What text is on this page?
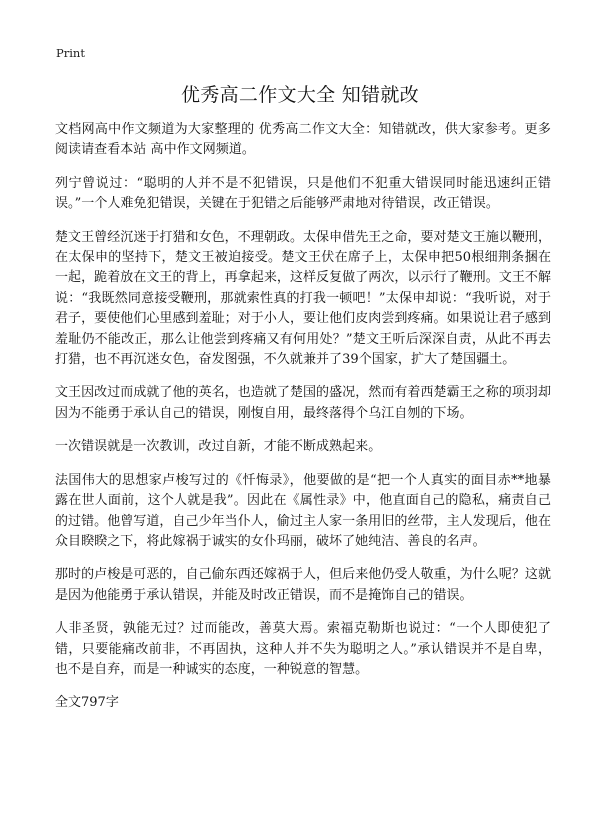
Print
优秀高二作文大全 知错就改

文档网高中作文频道为大家整理的 优秀高二作文大全：知错就改，供大家参考。更多阅读请查看本站 高中作文网频道。

列宁曾说过：“聪明的人并不是不犯错误，只是他们不犯重大错误同时能迅速纠正错误。”一个人难免犯错误，关键在于犯错之后能够严肃地对待错误，改正错误。

楚文王曾经沉迷于打猎和女色，不理朝政。太保申借先王之命，要对楚文王施以鞭刑，在太保申的坚持下，楚文王被迫接受。楚文王伏在席子上，太保申把50根细荆条捆在一起，跪着放在文王的背上，再拿起来，这样反复做了两次，以示行了鞭刑。文王不解说：“我既然同意接受鞭刑，那就索性真的打我一顿吧！”太保申却说：“我听说，对于君子，要使他们心里感到羞耻；对于小人，要让他们皮肉尝到疼痛。如果说让君子感到羞耻仍不能改正，那么让他尝到疼痛又有何用处？”楚文王听后深深自责，从此不再去打猎，也不再沉迷女色，奋发图强，不久就兼并了39个国家，扩大了楚国疆土。

文王因改过而成就了他的英名，也造就了楚国的盛况，然而有着西楚霸王之称的项羽却因为不能勇于承认自己的错误，刚愎自用，最终落得个乌江自刎的下场。

一次错误就是一次教训，改过自新，才能不断成熟起来。

法国伟大的思想家卢梭写过的《忏悔录》，他要做的是“把一个人真实的面目赤**地暴露在世人面前，这个人就是我”。因此在《属性录》中，他直面自己的隐私，痛责自己的过错。他曾写道，自己少年当仆人，偷过主人家一条用旧的丝带，主人发现后，他在众目睽睽之下，将此嫁祸于诚实的女仆玛丽，破坏了她纯洁、善良的名声。

那时的卢梭是可恶的，自己偷东西还嫁祸于人，但后来他仍受人敬重，为什么呢？这就是因为他能勇于承认错误，并能及时改正错误，而不是掩饰自己的错误。

人非圣贤，孰能无过？过而能改，善莫大焉。索福克勒斯也说过：“一个人即使犯了错，只要能痛改前非，不再固执，这种人并不失为聪明之人。”承认错误并不是自卑，也不是自弃，而是一种诚实的态度，一种锐意的智慧。

全文797字
